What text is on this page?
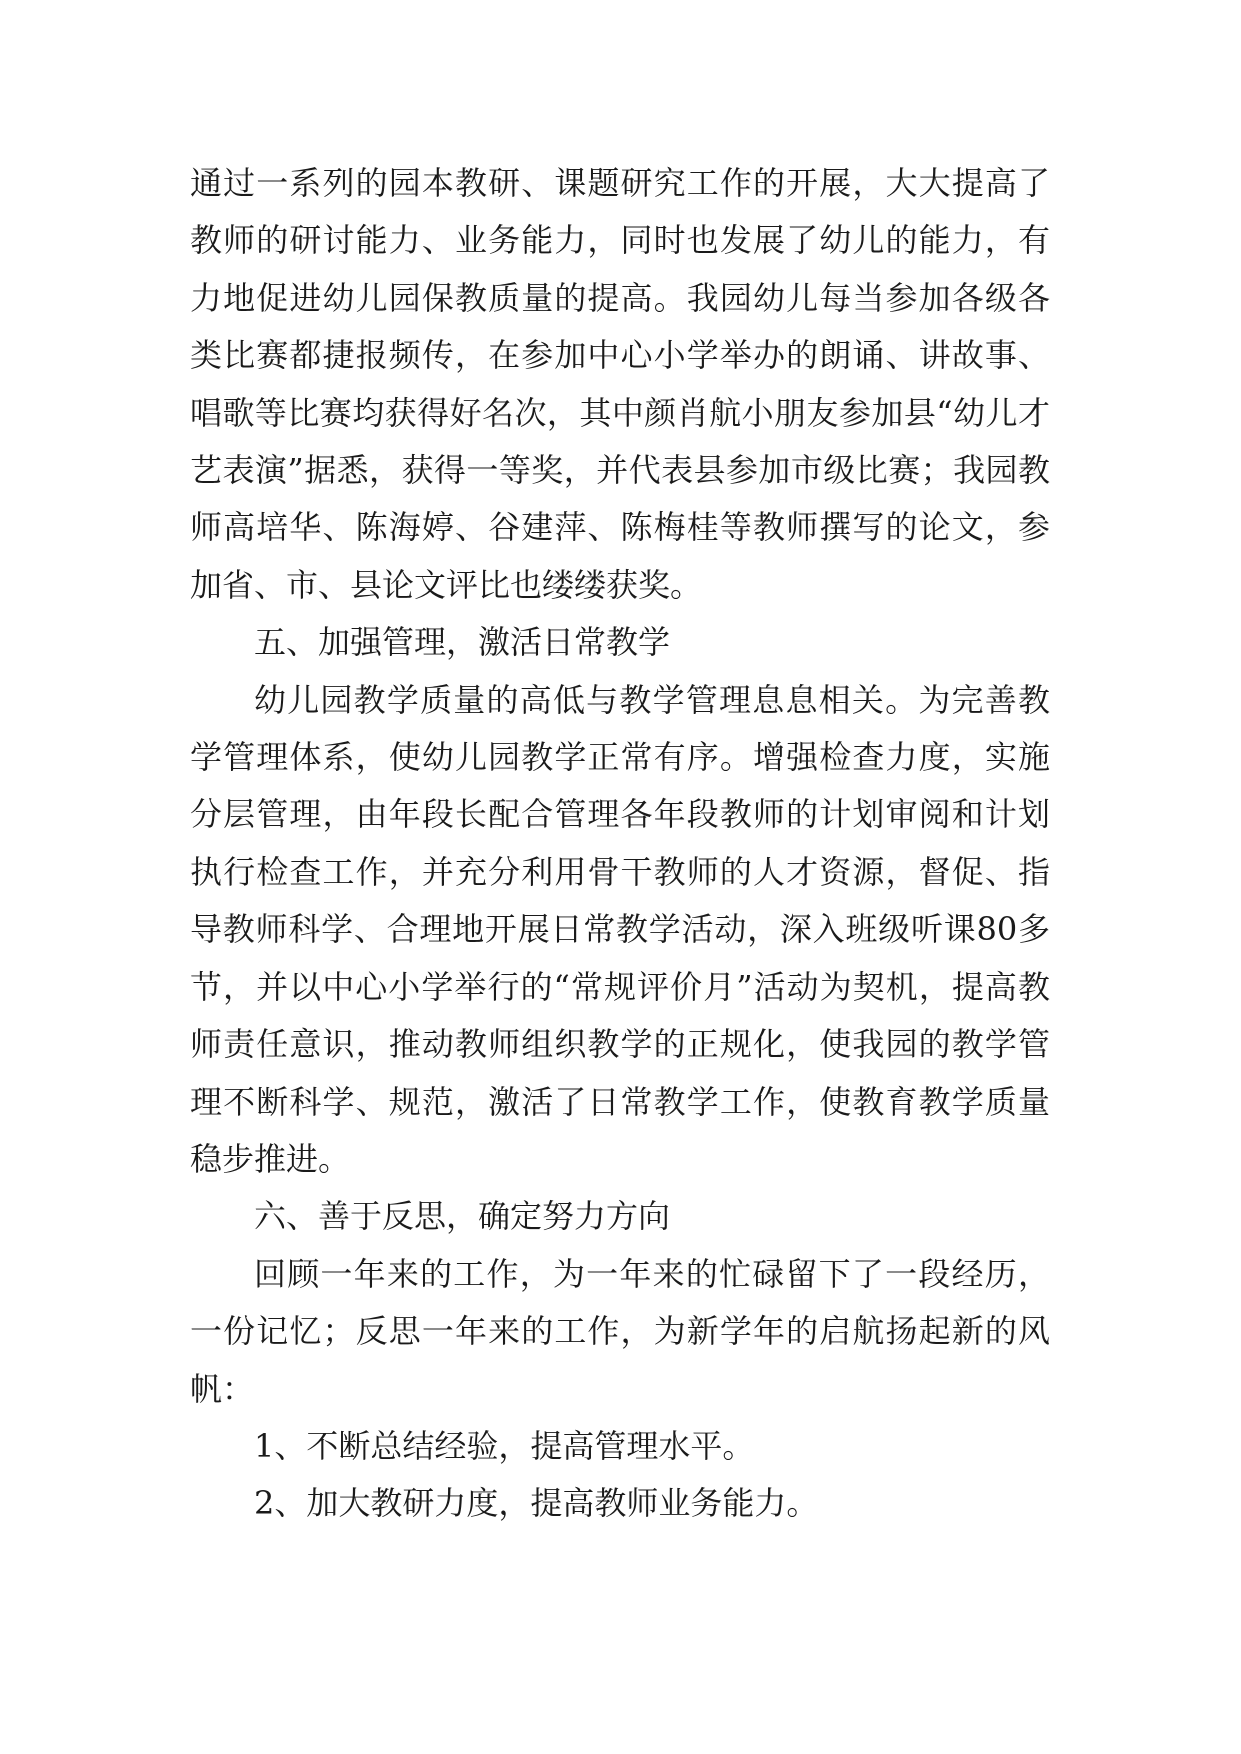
通过一系列的园本教研、课题研究工作的开展，大大提高了教师的研讨能力、业务能力，同时也发展了幼儿的能力，有力地促进幼儿园保教质量的提高。我园幼儿每当参加各级各类比赛都捷报频传，在参加中心小学举办的朗诵、讲故事、唱歌等比赛均获得好名次，其中颜肖航小朋友参加县“幼儿才艺表演”据悉，获得一等奖，并代表县参加市级比赛；我园教师高培华、陈海婷、谷建萍、陈梅桂等教师撰写的论文，参加省、市、县论文评比也缕缕获奖。

五、加强管理，激活日常教学

幼儿园教学质量的高低与教学管理息息相关。为完善教学管理体系，使幼儿园教学正常有序。增强检查力度，实施分层管理，由年段长配合管理各年段教师的计划审阅和计划执行检查工作，并充分利用骨干教师的人才资源，督促、指导教师科学、合理地开展日常教学活动，深入班级听课80多节，并以中心小学举行的“常规评价月”活动为契机，提高教师责任意识，推动教师组织教学的正规化，使我园的教学管理不断科学、规范，激活了日常教学工作，使教育教学质量稳步推进。

六、善于反思，确定努力方向

回顾一年来的工作，为一年来的忙碌留下了一段经历，一份记忆；反思一年来的工作，为新学年的启航扬起新的风帆：

1、不断总结经验，提高管理水平。

2、加大教研力度，提高教师业务能力。
